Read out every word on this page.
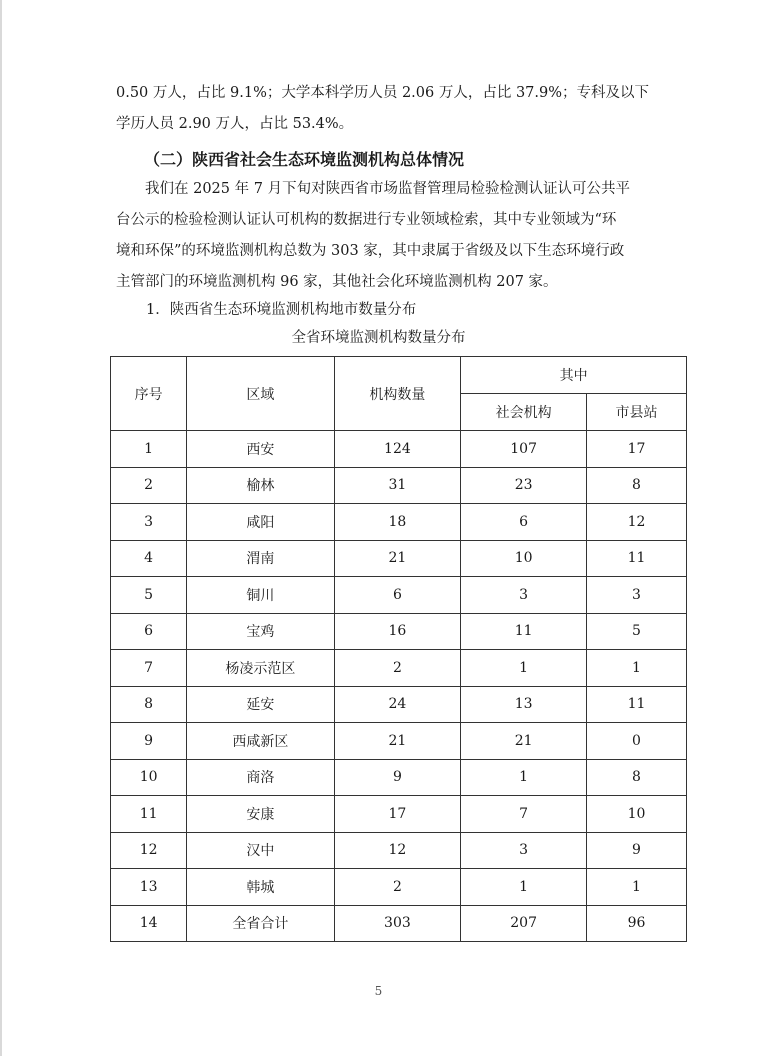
0.50 万人，占比 9.1%；大学本科学历人员 2.06 万人，占比 37.9%；专科及以下
学历人员 2.90 万人，占比 53.4%。

（二）陕西省社会生态环境监测机构总体情况

我们在 2025 年 7 月下旬对陕西省市场监督管理局检验检测认证认可公共平
台公示的检验检测认证认可机构的数据进行专业领域检索，其中专业领域为“环
境和环保”的环境监测机构总数为 303 家，其中隶属于省级及以下生态环境行政
主管部门的环境监测机构 96 家，其他社会化环境监测机构 207 家。

1．陕西省生态环境监测机构地市数量分布

全省环境监测机构数量分布

序号	区域	机构数量	其中	
			社会机构	市县站
1	西安	124	107	17
2	榆林	31	23	8
3	咸阳	18	6	12
4	渭南	21	10	11
5	铜川	6	3	3
6	宝鸡	16	11	5
7	杨凌示范区	2	1	1
8	延安	24	13	11
9	西咸新区	21	21	0
10	商洛	9	1	8
11	安康	17	7	10
12	汉中	12	3	9
13	韩城	2	1	1
14	全省合计	303	207	96

5
